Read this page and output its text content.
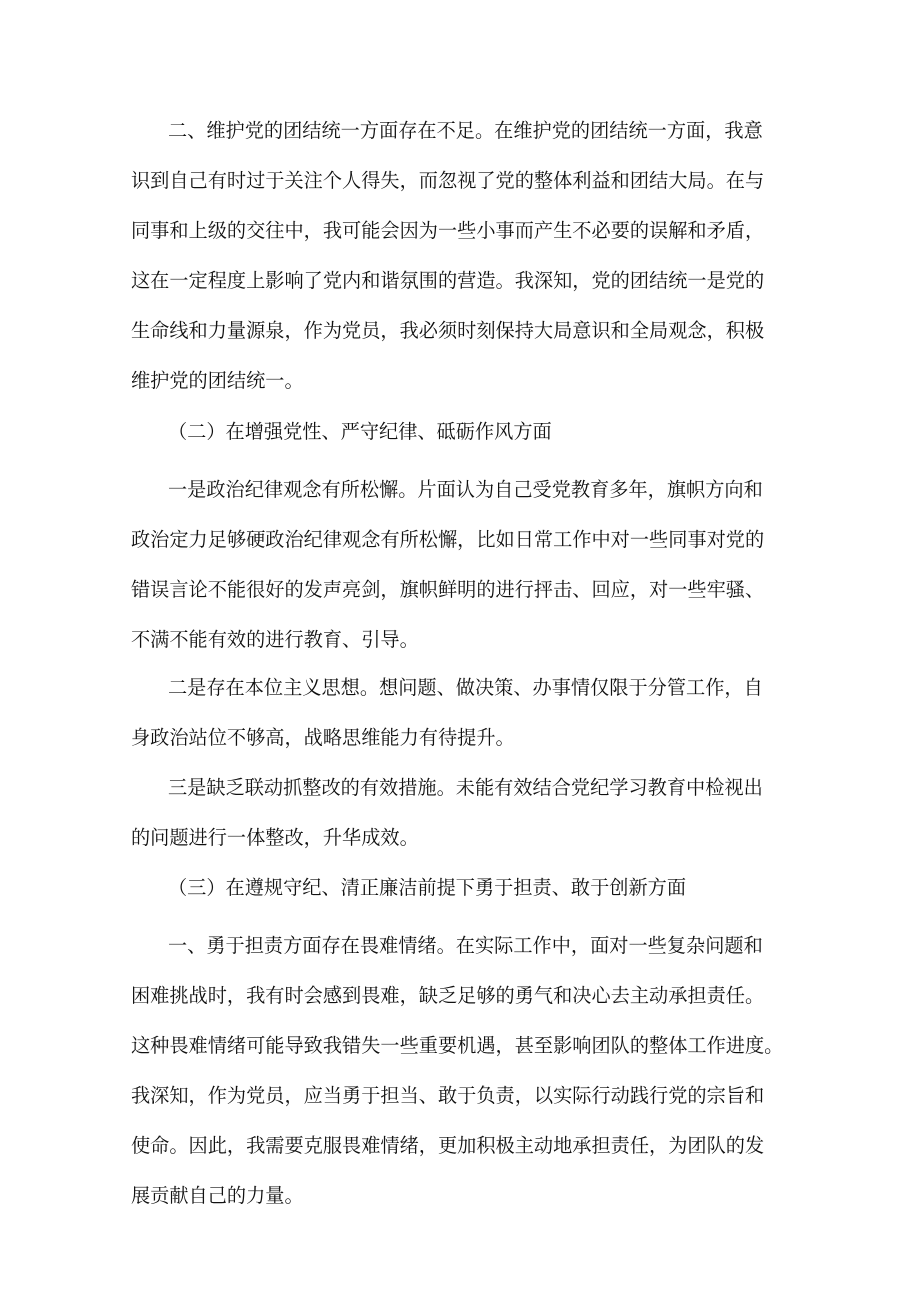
二、维护党的团结统一方面存在不足。在维护党的团结统一方面，我意
识到自己有时过于关注个人得失，而忽视了党的整体利益和团结大局。在与
同事和上级的交往中，我可能会因为一些小事而产生不必要的误解和矛盾，
这在一定程度上影响了党内和谐氛围的营造。我深知，党的团结统一是党的
生命线和力量源泉，作为党员，我必须时刻保持大局意识和全局观念，积极
维护党的团结统一。
（二）在增强党性、严守纪律、砥砺作风方面
一是政治纪律观念有所松懈。片面认为自己受党教育多年，旗帜方向和
政治定力足够硬政治纪律观念有所松懈，比如日常工作中对一些同事对党的
错误言论不能很好的发声亮剑，旗帜鲜明的进行抨击、回应，对一些牢骚、
不满不能有效的进行教育、引导。
二是存在本位主义思想。想问题、做决策、办事情仅限于分管工作，自
身政治站位不够高，战略思维能力有待提升。
三是缺乏联动抓整改的有效措施。未能有效结合党纪学习教育中检视出
的问题进行一体整改，升华成效。
（三）在遵规守纪、清正廉洁前提下勇于担责、敢于创新方面
一、勇于担责方面存在畏难情绪。在实际工作中，面对一些复杂问题和
困难挑战时，我有时会感到畏难，缺乏足够的勇气和决心去主动承担责任。
这种畏难情绪可能导致我错失一些重要机遇，甚至影响团队的整体工作进度。
我深知，作为党员，应当勇于担当、敢于负责，以实际行动践行党的宗旨和
使命。因此，我需要克服畏难情绪，更加积极主动地承担责任，为团队的发
展贡献自己的力量。
